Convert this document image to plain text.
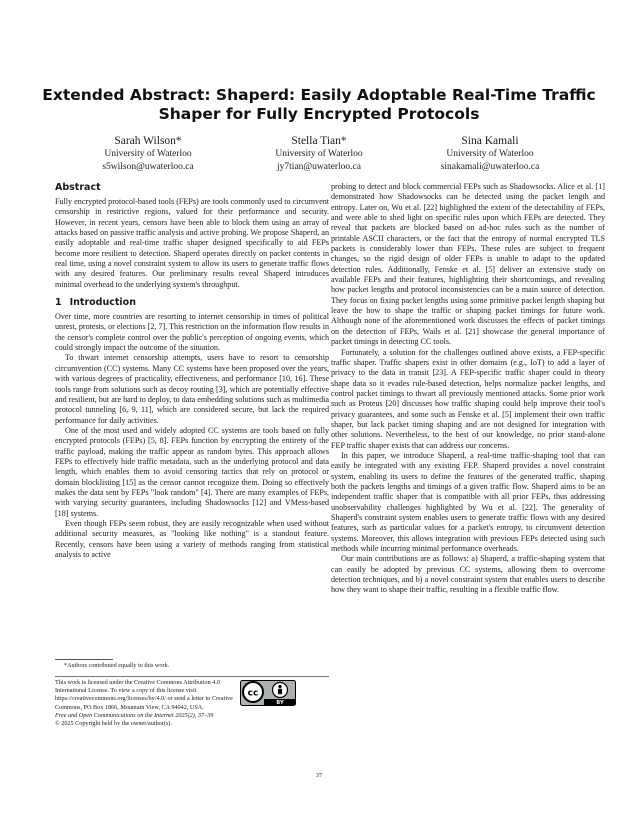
Extended Abstract: Shaperd: Easily Adoptable Real-Time Traffic Shaper for Fully Encrypted Protocols
Sarah Wilson*
University of Waterloo
s5wilson@uwaterloo.ca
Stella Tian*
University of Waterloo
jy7tian@uwaterloo.ca
Sina Kamali
University of Waterloo
sinakamali@uwaterloo.ca
Abstract

Fully encrypted protocol-based tools (FEPs) are tools commonly used to circumvent censorship in restrictive regions, valued for their performance and security. However, in recent years, censors have been able to block them using an array of attacks based on passive traffic analysis and active probing. We propose Shaperd, an easily adoptable and real-time traffic shaper designed specifically to aid FEPs become more resilient to detection. Shaperd operates directly on packet contents in real time, using a novel constraint system to allow its users to generate traffic flows with any desired features. Our preliminary results reveal Shaperd introduces minimal overhead to the underlying system's throughput.

1 Introduction

Over time, more countries are resorting to internet censorship in times of political unrest, protests, or elections [2, 7]. This restriction on the information flow results in the censor's complete control over the public's perception of ongoing events, which could strongly impact the outcome of the situation.

To thwart internet censorship attempts, users have to resort to censorship circumvention (CC) systems. Many CC systems have been proposed over the years, with various degrees of practicality, effectiveness, and performance [10, 16]. These tools range from solutions such as decoy routing [3], which are potentially effective and resilient, but are hard to deploy, to data embedding solutions such as multimedia protocol tunneling [6, 9, 11], which are considered secure, but lack the required performance for daily activities.

One of the most used and widely adopted CC systems are tools based on fully encrypted protocols (FEPs) [5, 8]. FEPs function by encrypting the entirety of the traffic payload, making the traffic appear as random bytes. This approach allows FEPs to effectively hide traffic metadata, such as the underlying protocol and data length, which enables them to avoid censoring tactics that rely on protocol or domain blocklisting [15] as the censor cannot recognize them. Doing so effectively makes the data sent by FEPs "look random" [4]. There are many examples of FEPs, with varying security guarantees, including Shadowsocks [12] and VMess-based [18] systems.

Even though FEPs seem robust, they are easily recognizable when used without additional security measures, as "looking like nothing" is a standout feature. Recently, censors have been using a variety of methods ranging from statistical analysis to active

probing to detect and block commercial FEPs such as Shadowsocks. Alice et al. [1] demonstrated how Shadowsocks can be detected using the packet length and entropy. Later on, Wu et al. [22] highlighted the extent of the detectability of FEPs, and were able to shed light on specific rules upon which FEPs are detected. They reveal that packets are blocked based on ad-hoc rules such as the number of printable ASCII characters, or the fact that the entropy of normal encrypted TLS packets is considerably lower than FEPs. These rules are subject to frequent changes, so the rigid design of older FEPs is unable to adapt to the updated detection rules. Additionally, Fenske et al. [5] deliver an extensive study on available FEPs and their features, highlighting their shortcomings, and revealing how packet lengths and protocol inconsistencies can be a main source of detection. They focus on fixing packet lengths using some primitive packet length shaping but leave the how to shape the traffic or shaping packet timings for future work. Although none of the aforementioned work discusses the effects of packet timings on the detection of FEPs, Wails et al. [21] showcase the general importance of packet timings in detecting CC tools.

Fortunately, a solution for the challenges outlined above exists, a FEP-specific traffic shaper. Traffic shapers exist in other domains (e.g., IoT) to add a layer of privacy to the data in transit [23]. A FEP-specific traffic shaper could in theory shape data so it evades rule-based detection, helps normalize packet lengths, and control packet timings to thwart all previously mentioned attacks. Some prior work such as Proteus [20] discusses how traffic shaping could help improve their tool's privacy guarantees, and some such as Fenske et al. [5] implement their own traffic shaper, but lack packet timing shaping and are not designed for integration with other solutions. Nevertheless, to the best of our knowledge, no prior stand-alone FEP traffic shaper exists that can address our concerns.

In this paper, we introduce Shaperd, a real-time traffic-shaping tool that can easily be integrated with any existing FEP. Shaperd provides a novel constraint system, enabling its users to define the features of the generated traffic, shaping both the packets lengths and timings of a given traffic flow. Shaperd aims to be an independent traffic shaper that is compatible with all prior FEPs, thus addressing unobservability challenges highlighted by Wu et al. [22]. The generality of Shaperd's constraint system enables users to generate traffic flows with any desired features, such as particular values for a packet's entropy, to circumvent detection systems. Moreover, this allows integration with previous FEPs detected using such methods while incurring minimal performance overheads.

Our main contributions are as follows: a) Shaperd, a traffic-shaping system that can easily be adopted by previous CC systems, allowing them to overcome detection techniques, and b) a novel constraint system that enables users to describe how they want to shape their traffic, resulting in a flexible traffic flow.

*Authors contributed equally to this work.
This work is licensed under the Creative Commons Attribution 4.0 International License. To view a copy of this license visit https://creativecommons.org/licenses/by/4.0/ or send a letter to Creative Commons, PO Box 1866, Mountain View, CA 94042, USA.
cc
BY
Free and Open Communications on the Internet 2025(2), 37–39
© 2025 Copyright held by the owner/author(s).
37
